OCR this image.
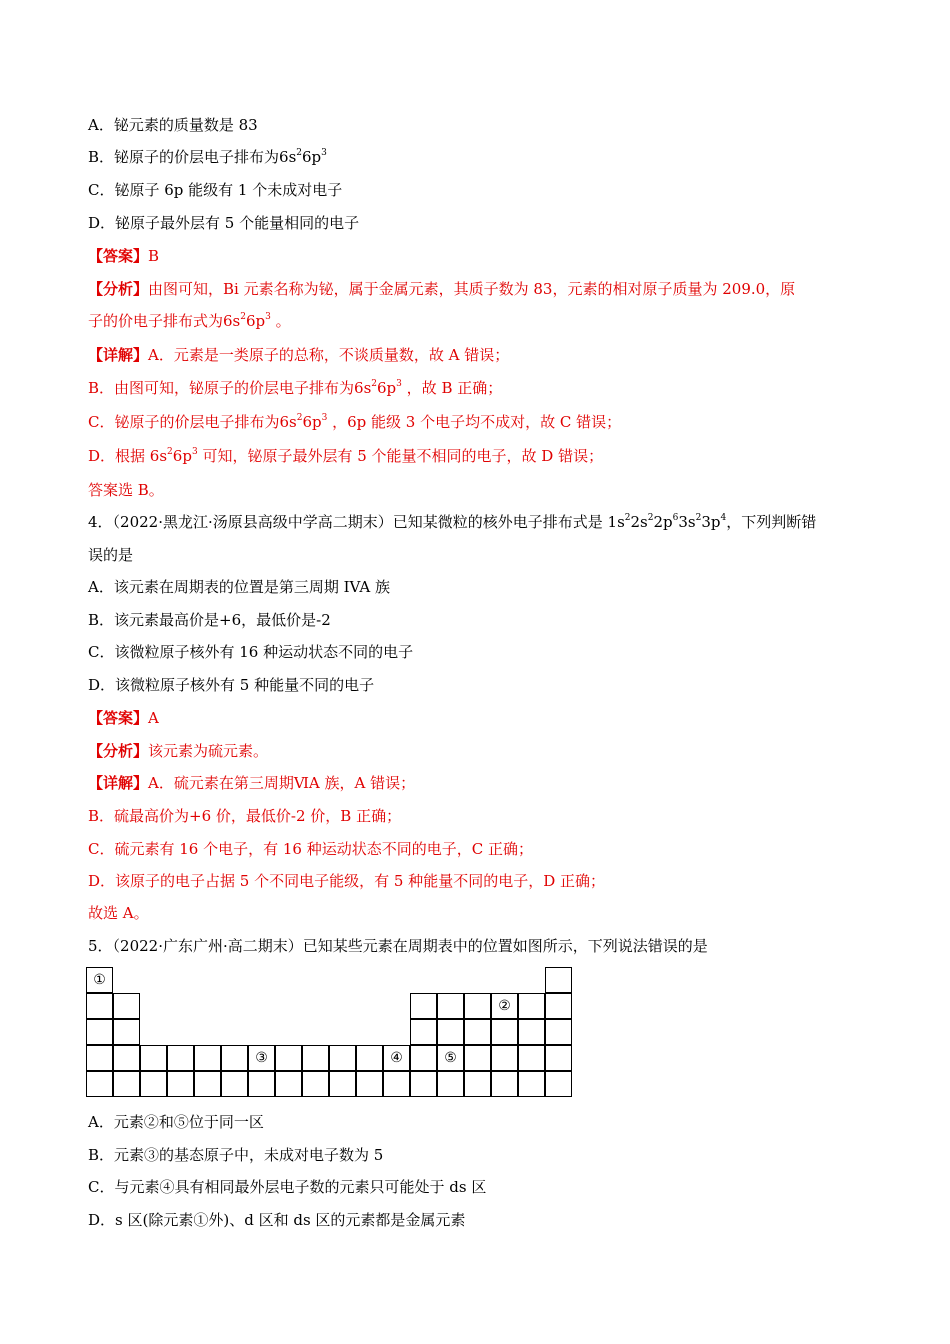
A．铋元素的质量数是 83
B．铋原子的价层电子排布为$6s^26p^3$
C．铋原子 6p 能级有 1 个未成对电子
D．铋原子最外层有 5 个能量相同的电子
【答案】B
【分析】由图可知，Bi 元素名称为铋，属于金属元素，其质子数为 83，元素的相对原子质量为 209.0，原
子的价电子排布式为$6s^26p^3$ 。
【详解】A．元素是一类原子的总称，不谈质量数，故 A 错误；
B．由图可知，铋原子的价层电子排布为$6s^26p^3$ ，故 B 正确；
C．铋原子的价层电子排布为$6s^26p^3$ ，6p 能级 3 个电子均不成对，故 C 错误；
D．根据 $6s^26p^3$ 可知，铋原子最外层有 5 个能量不相同的电子，故 D 错误；
答案选 B。
4．（2022·黑龙江·汤原县高级中学高二期末）已知某微粒的核外电子排布式是 $1s^22s^22p^63s^23p^4$，下列判断错
误的是
A．该元素在周期表的位置是第三周期 IVA 族
B．该元素最高价是+6，最低价是-2
C．该微粒原子核外有 16 种运动状态不同的电子
D．该微粒原子核外有 5 种能量不同的电子
【答案】A
【分析】该元素为硫元素。
【详解】A．硫元素在第三周期ⅥA 族，A 错误；
B．硫最高价为+6 价，最低价-2 价，B 正确；
C．硫元素有 16 个电子，有 16 种运动状态不同的电子，C 正确；
D．该原子的电子占据 5 个不同电子能级，有 5 种能量不同的电子，D 正确；
故选 A。
5．（2022·广东广州·高二期末）已知某些元素在周期表中的位置如图所示，下列说法错误的是
①
②
③	④	⑤
A．元素②和⑤位于同一区
B．元素③的基态原子中，未成对电子数为 5
C．与元素④具有相同最外层电子数的元素只可能处于 ds 区
D．s 区(除元素①外)、d 区和 ds 区的元素都是金属元素
